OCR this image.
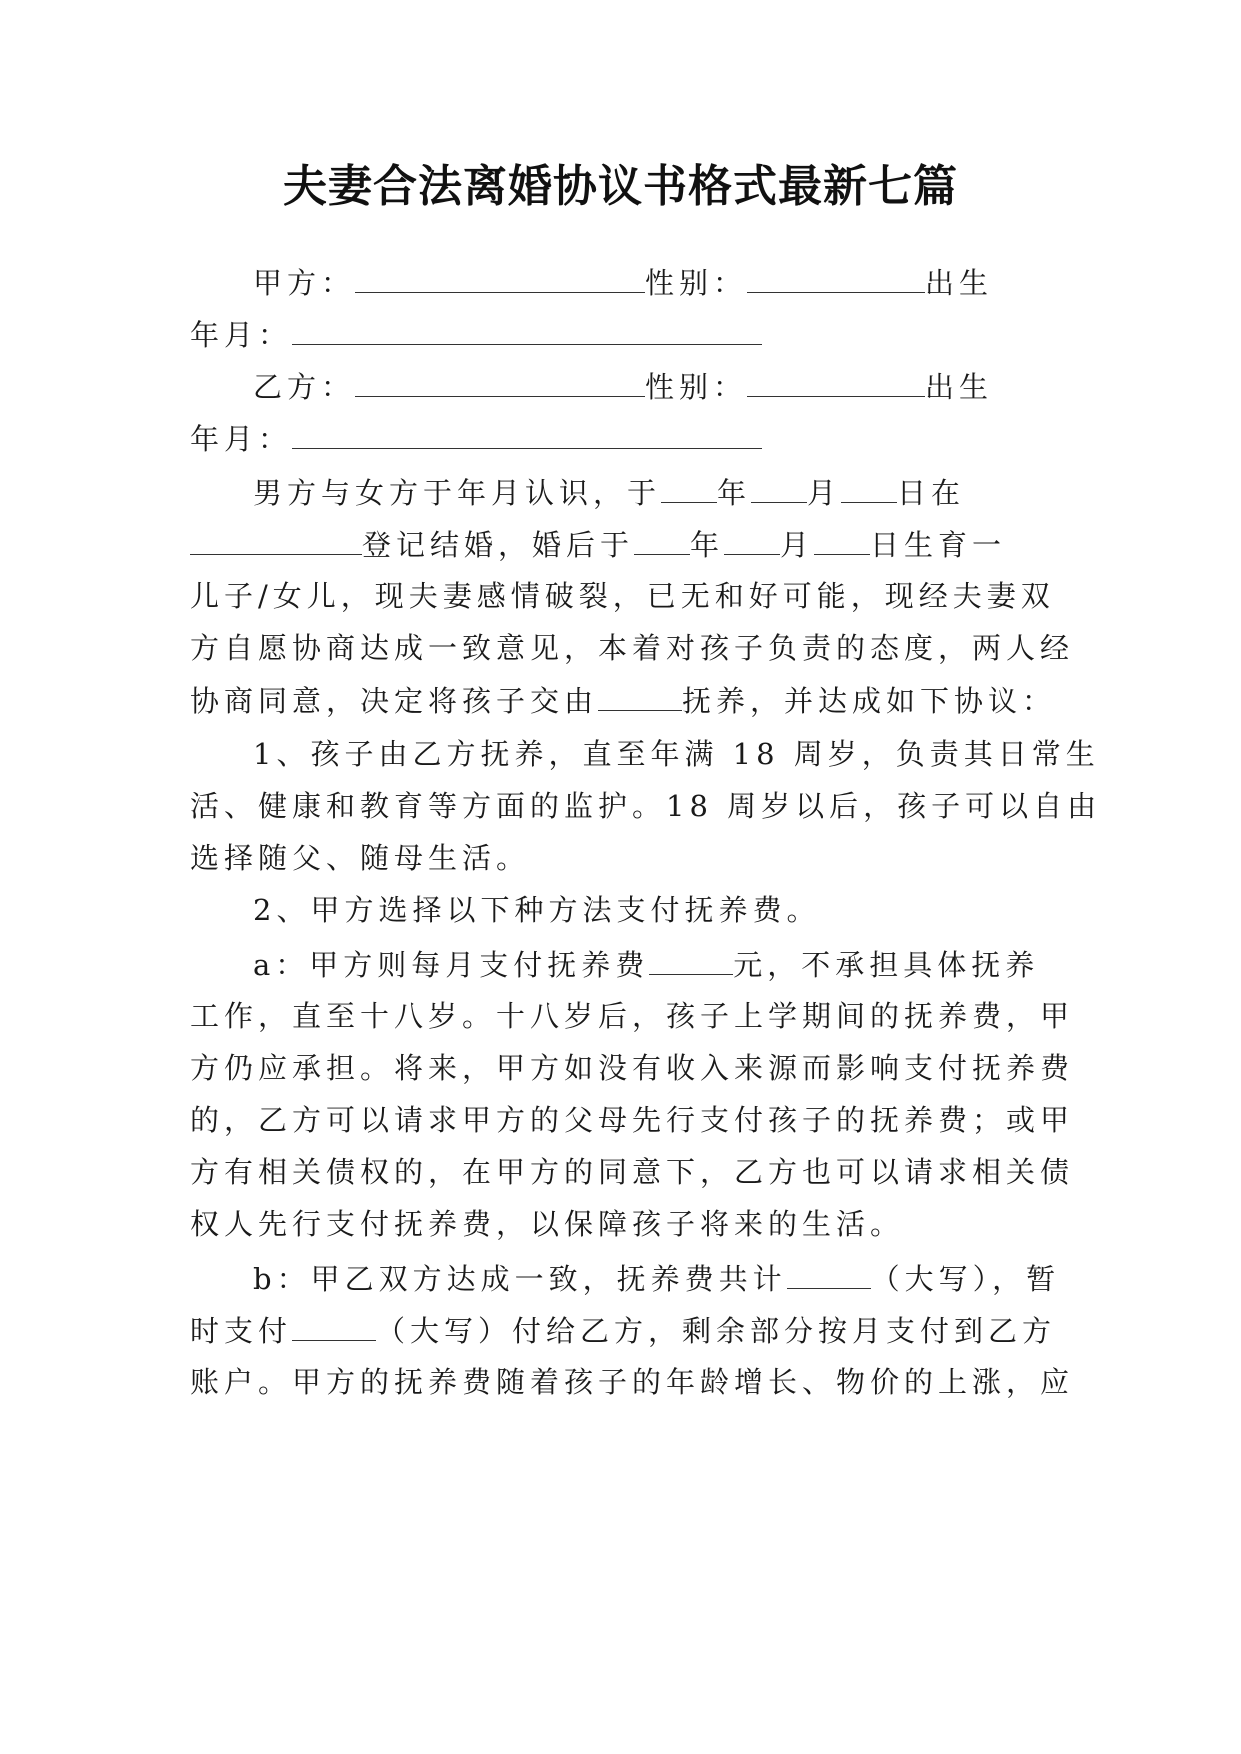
夫妻合法离婚协议书格式最新七篇
甲方：	性别：	出生
年月：
乙方：	性别：	出生
年月：
男方与女方于年月认识，于 年 月 日在
登记结婚，婚后于 年 月 日生育一
儿子/女儿，现夫妻感情破裂，已无和好可能，现经夫妻双
方自愿协商达成一致意见，本着对孩子负责的态度，两人经
协商同意，决定将孩子交由	抚养，并达成如下协议：
1、孩子由乙方抚养，直至年满 18 周岁，负责其日常生
活、健康和教育等方面的监护。18 周岁以后，孩子可以自由
选择随父、随母生活。
2、甲方选择以下种方法支付抚养费。
a：甲方则每月支付抚养费	元，不承担具体抚养
工作，直至十八岁。十八岁后，孩子上学期间的抚养费，甲
方仍应承担。将来，甲方如没有收入来源而影响支付抚养费
的，乙方可以请求甲方的父母先行支付孩子的抚养费；或甲
方有相关债权的，在甲方的同意下，乙方也可以请求相关债
权人先行支付抚养费，以保障孩子将来的生活。
b：甲乙双方达成一致，抚养费共计	（大写），暂
时支付	（大写）付给乙方，剩余部分按月支付到乙方
账户。甲方的抚养费随着孩子的年龄增长、物价的上涨，应
